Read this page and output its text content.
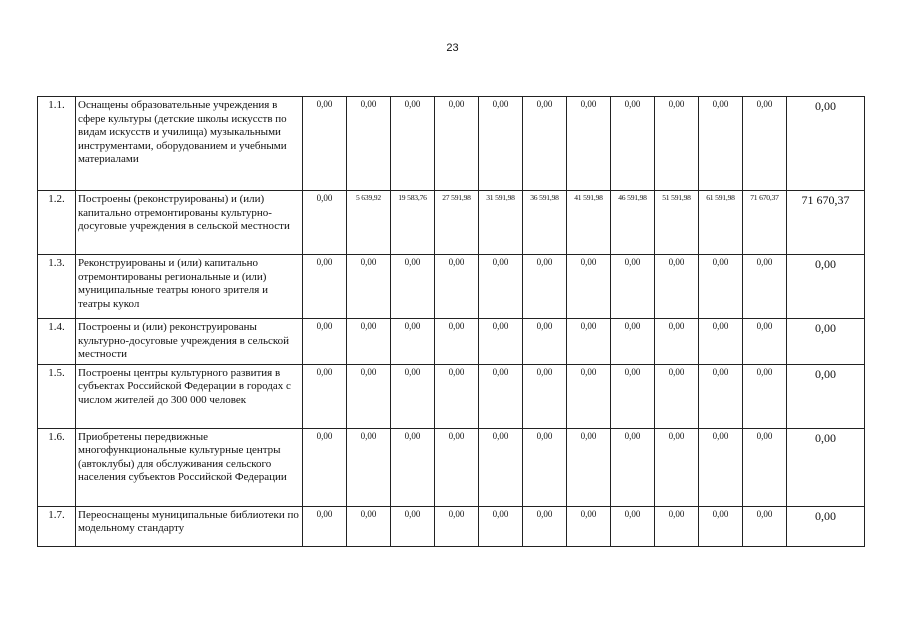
23
1.1.	Оснащены образовательные учреждения в сфере культуры (детские школы искусств по видам искусств и училища) музыкальными инструментами, оборудованием и учебными материалами	0,00	0,00	0,00	0,00	0,00	0,00	0,00	0,00	0,00	0,00	0,00	0,00
1.2.	Построены (реконструированы) и (или) капитально отремонтированы культурно-досуговые учреждения в сельской местности	0,00	5 639,92	19 583,76	27 591,98	31 591,98	36 591,98	41 591,98	46 591,98	51 591,98	61 591,98	71 670,37	71 670,37
1.3.	Реконструированы и (или) капитально отремонтированы региональные и (или) муниципальные театры юного зрителя и театры кукол	0,00	0,00	0,00	0,00	0,00	0,00	0,00	0,00	0,00	0,00	0,00	0,00
1.4.	Построены и (или) реконструированы культурно-досуговые учреждения в сельской местности	0,00	0,00	0,00	0,00	0,00	0,00	0,00	0,00	0,00	0,00	0,00	0,00
1.5.	Построены центры культурного развития в субъектах Российской Федерации в городах с числом жителей до 300 000 человек	0,00	0,00	0,00	0,00	0,00	0,00	0,00	0,00	0,00	0,00	0,00	0,00
1.6.	Приобретены передвижные многофункциональные культурные центры (автоклубы) для обслуживания сельского населения субъектов Российской Федерации	0,00	0,00	0,00	0,00	0,00	0,00	0,00	0,00	0,00	0,00	0,00	0,00
1.7.	Переоснащены муниципальные библиотеки по модельному стандарту	0,00	0,00	0,00	0,00	0,00	0,00	0,00	0,00	0,00	0,00	0,00	0,00
